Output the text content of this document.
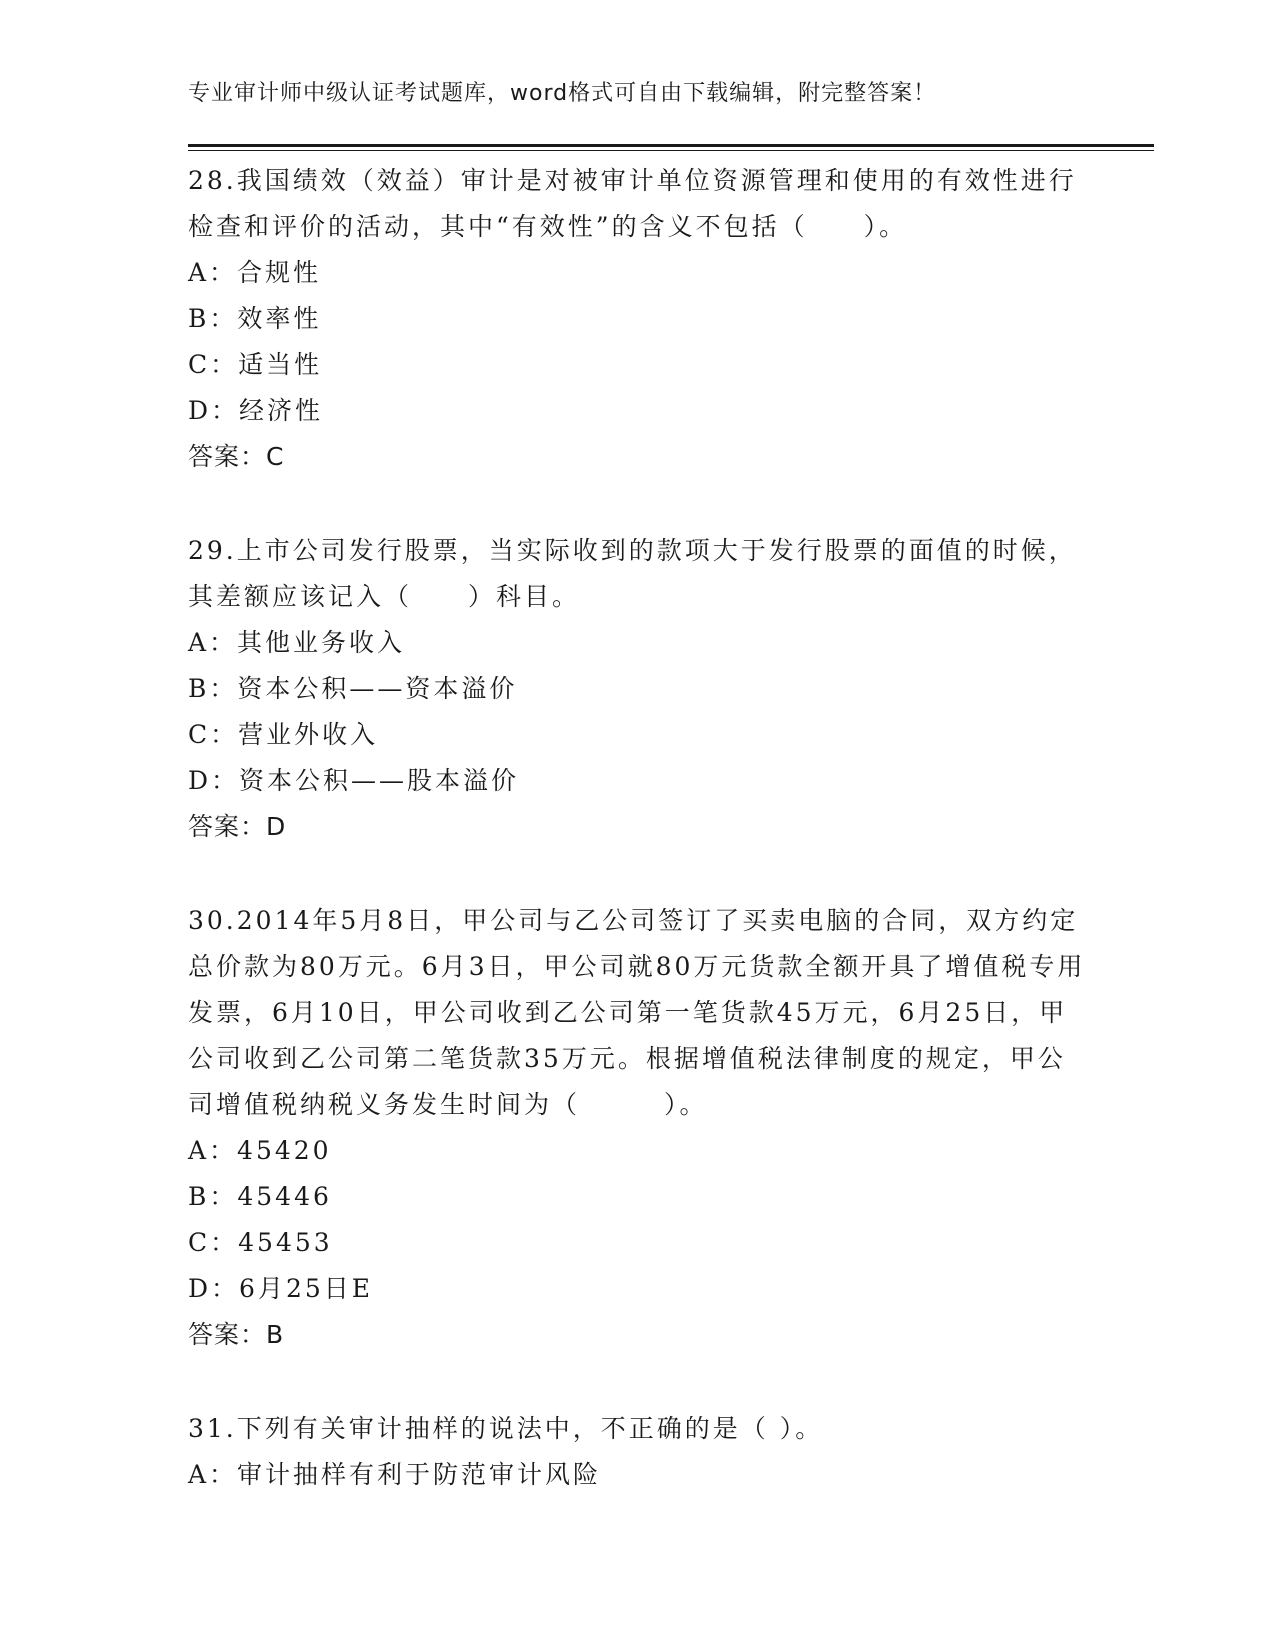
专业审计师中级认证考试题库，word格式可自由下载编辑，附完整答案！

28.我国绩效（效益）审计是对被审计单位资源管理和使用的有效性进行检查和评价的活动，其中“有效性”的含义不包括（　　）。

A：合规性

B：效率性

C：适当性

D：经济性

答案：C

29.上市公司发行股票，当实际收到的款项大于发行股票的面值的时候，其差额应该记入（　　）科目。

A：其他业务收入

B：资本公积——资本溢价

C：营业外收入

D：资本公积——股本溢价

答案：D

30.2014年5月8日，甲公司与乙公司签订了买卖电脑的合同，双方约定总价款为80万元。6月3日，甲公司就80万元货款全额开具了增值税专用发票，6月10日，甲公司收到乙公司第一笔货款45万元，6月25日，甲公司收到乙公司第二笔货款35万元。根据增值税法律制度的规定，甲公司增值税纳税义务发生时间为（　　　）。

A：45420

B：45446

C：45453

D：6月25日E

答案：B

31.下列有关审计抽样的说法中，不正确的是（ ）。

A：审计抽样有利于防范审计风险
